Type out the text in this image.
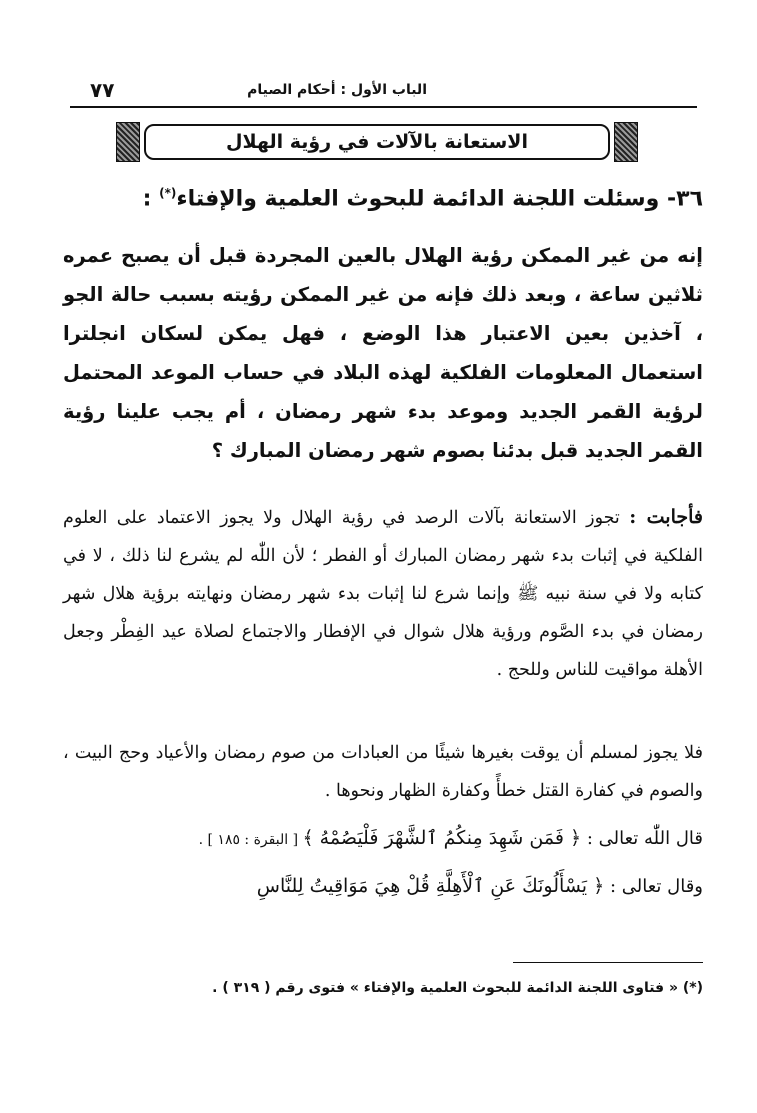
الباب الأول : أحكام الصيام
٧٧
الاستعانة بالآلات في رؤية الهلال
٣٦- وسئلت اللجنة الدائمة للبحوث العلمية والإفتاء(*) :
إنه من غير الممكن رؤية الهلال بالعين المجردة قبل أن يصبح عمره ثلاثين ساعة ، وبعد ذلك فإنه من غير الممكن رؤيته بسبب حالة الجو ، آخذين بعين الاعتبار هذا الوضع ، فهل يمكن لسكان انجلترا استعمال المعلومات الفلكية لهذه البلاد في حساب الموعد المحتمل لرؤية القمر الجديد وموعد بدء شهر رمضان ، أم يجب علينا رؤية القمر الجديد قبل بدئنا بصوم شهر رمضان المبارك ؟
فأجابت : تجوز الاستعانة بآلات الرصد في رؤية الهلال ولا يجوز الاعتماد على العلوم الفلكية في إثبات بدء شهر رمضان المبارك أو الفطر ؛ لأن اللّٰه لم يشرع لنا ذلك ، لا في كتابه ولا في سنة نبيه ﷺ وإنما شرع لنا إثبات بدء شهر رمضان ونهايته برؤية هلال شهر رمضان في بدء الصَّوم ورؤية هلال شوال في الإفطار والاجتماع لصلاة عيد الفِطْر وجعل الأهلة مواقيت للناس وللحج .
فلا يجوز لمسلم أن يوقت بغيرها شيئًا من العبادات من صوم رمضان والأعياد وحج البيت ، والصوم في كفارة القتل خطأً وكفارة الظهار ونحوها .
قال اللّٰه تعالى : ﴿ فَمَن شَهِدَ مِنكُمُ ٱلشَّهْرَ فَلْيَصُمْهُ ﴾ [ البقرة : ١٨٥ ] .
وقال تعالى : ﴿ يَسْأَلُونَكَ عَنِ ٱلْأَهِلَّةِ قُلْ هِيَ مَوَاقِيتُ لِلنَّاسِ
(*) « فتاوى اللجنة الدائمة للبحوث العلمية والإفتاء » فتوى رقم ( ٣١٩ ) .
